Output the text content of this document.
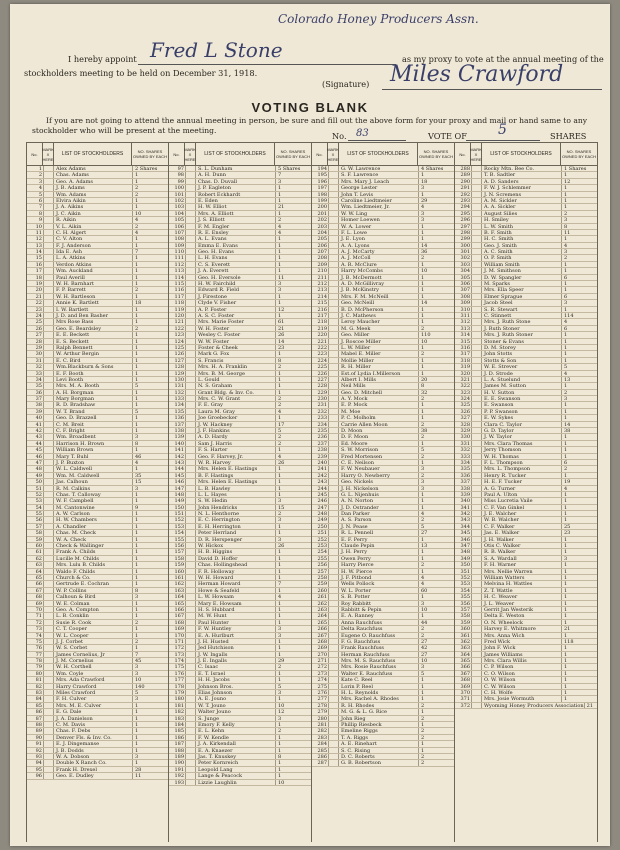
Colorado Honey Producers Assn.
I hereby appoint Fred L Stone	as my proxy to vote at the annual meeting of the
stockholders meeting to be held on December 31, 1918.
(Signature) Miles Crawford
VOTING BLANK
If you are not going to attend the annual meeting in person, be sure and fill out the above form for your proxy and mail or hand same to any stockholder who will be present at the meeting.
No. 83	VOTE OF 5	SHARES
No.
MARK X HERE
LIST OF STOCKHOLDERS	NO. SHARES OWNED BY EACH
1	Alex Adams	2 Shares
2	Chas. Adams	1
3	Geo. A. Adams	1
4	J. B. Adams	2
5	Wm. Adams	2
6	Elvira Aikin	1
7	J. A. Aikins	1
8	J. C. Aikin	10
9	R. Aikin	4
10	V. L. Aikin	2
11	C. H. Algert	4
12	C. V. Alton	1
13	F. J. Anderson	1
14	Ida E. Ash	7
15	L. A. Atkins	1
16	Verdon Atkins	1
17	Wm. Auckland	1
18	Paul Averill	1
19	W. H. Barnhart	1
20	F. P. Barrett	2
21	W. H. Bartleson	1
22	Annie K. Bartlett	18
23	I. W. Bartlett	1
24	J. D. and Ben Basher	1
25	Mrs Rose Bass	1
26	Geo. E. Beardsley	2
27	E. E. Beckett	1
28	E. S. Beckett	1
29	Ralph Bennett	1
30	W. Arthur Bergin	1
31	E. C. Bird	1
32	Wm.Blackburn & Sons	1
33	E. F. Booth	1
34	Levi Booth	1
35	Mrs. M. A. Booth	5
36	A. H. Borgman	1
37	Mary Borgman	1
38	R. D. Bradshaw	1
39	W. T. Brand	5
40	Geo. D. Brazzell	1
41	C. M. Breit	1
42	C. F. Bright	1
43	Wm. Broadbent	3
44	Harrison H. Brown	8
45	William Brown	1
46	Mary T. Buhl	46
47	J. P. Buxton	4
48	W. L. Caldwell	1
49	Wm. M. Caldwell	35
50	Jas. Calhoun	15
51	R. M. Calkins	3
52	Chas. T. Calloway	1
53	W. F. Campbell	1
54	M. Cantonwine	9
55	A. W. Carlson	1
56	H. W. Chambers	1
57	A. Chandler	1
58	Chas. M. Check	1
59	W. A. Check	1
60	Check & Wallinger	1
61	Frank A. Childs	1
62	Lucille M. Childs	1
63	Mrs. Lulu B. Childs	1
64	Waldo F. Childs	1
65	Church & Co.	1
66	Gertrude E. Cochran	1
67	W. P. Collins	8
68	Calhoun & Bird	3
69	W. E. Colman	1
70	Geo. A. Compton	1
71	L. B. Conklin	1
72	Susie R. Cook	2
73	C. T. Cooper	1
74	W. L. Cooper	1
75	J. J. Corbet	2
76	W. S. Corbet	1
77	James Cornelius, Jr	7
78	J. M. Cornelius	45
79	W. H. Corthell	3
80	Wm. Coyle	3
81	Mrs. Ada Crawford	10
82	Harry Crawford	140
83	Miles Crawford	5
84	F. H. Culver	3
85	Mrs. M. E. Culver	1
86	E. G. Dale	1
87	J. A. Danielson	1
88	C. M. Davis	1
89	Chas. F. Debs	1
90	Denver Fls. & Inv. Co.	1
91	E. J. Dingemanse	1
92	J. B. Dodds	1
93	W. A. Dobson	3
94	Double X Ranch Co.	1
95	Frank H. Drexel	28
96	Geo. E. Dudley	11
No.
MARK X HERE
LIST OF STOCKHOLDERS	NO. SHARES OWNED BY EACH
97	S. L. Dunham	5 Shares
98	A. H. Dunn	7
99	Chas. D. Duvall	3
100	J. P. Eagleton	1
101	Robert Eckhardt	1
102	E. Eden	1
103	H. W. Elliot	21
104	Mrs. A. Elliott	1
105	J. S. Elliott	2
106	F. M. Engler	4
107	R. E. Ensley	4
108	A. L. Evans	1
109	Emma E. Evans	1
110	Geo. H. Evans	1
111	L. H. Evans	1
112	C. S. Everett	1
113	J. A. Everett	1
114	Geo. H. Eversole	11
115	H. W. Fairchild	3
116	Edward R. Field	3
117	J. Firestone	1
118	Clyde V. Fisher	1
119	A. P. Foster	12
120	A. S. C. Foster	1
121	Mrs. Marie Foster	61
122	W. H. Foster	21
123	Wesley C. Foster	26
124	W. W. Foster	14
125	Foster & Cheek	23
126	Mark G. Fox	1
127	S. Francis	8
128	Mrs. H. A. Franklin	2
129	Mrs. B. M. George	1
130	L. Gould	1
131	N. S. Graham	1
132	Grant Bldg. & Inv. Co.	1
133	Mrs. C. W. Grant	2
134	F. E. Gray	2
135	Laura M. Gray	4
136	Joe Groebecker	1
137	J. W. Hackney	17
138	J. F. Hankins	5
139	A. D. Hardy	2
140	Sam J. Harris	2
141	F. S. Harter	1
142	Geo. F. Harvey, Jr.	4
143	W. R. Harvey	26
144	Mrs. Helen E. Hastings	1
145	B. F. Hastings	1
146	Mrs. Helen E. Hastings	1
147	L. B. Hawley	1
148	L. L. Hayes	1
149	S. W. Hedin	3
150	John Hendricks	15
151	N. L. Henthorne	2
152	E. C. Herrington	3
153	E. H. Herrington	1
154	Peter Herrland	1
155	D. R. Herspenger	3
156	W. Hickox	26
157	H. B. Higgins	1
158	David D. Hoffer	1
159	Chas. Hollingshead	1
160	F. R. Holloway	1
161	W. H. Howard	1
162	Herman Howard	7
163	Howe & Seafeld	1
164	L. W. Howsam	4
165	Mary E. Howsam	1
166	H. S. Hubbard	1
167	M. W. Hunt	1
168	Paul Hunter	1
169	F. W. Huntley	3
170	E. A. Hurlburt	3
171	J. H. Husted	1
172	Jed Hutchison	1
173	J. W. Ingalls	1
174	J. E. Ingalls	29
175	C. Isaac	2
176	E. T. Israel	1
177	H. H. Jacobs	1
178	Johnson Bros.	5
179	Elias Johnson	3
180	A. E. Jouno	1
181	W. T. Jouno	10
182	Walter Jouno	12
183	S. Junge	3
184	Emory F. Kelly	1
185	E. L. Kehn	2
186	F. W. Kendle	1
187	J. A. Kirkendall	1
188	E. A. Knaezer	1
189	Jas. T. Knuskey	8
190	Peter Kornreich	1
191	Leopold Lang	1
192	Lange & Peacock	1
193	Lizzie Laughlin	10
No.
MARK X HERE
LIST OF STOCKHOLDERS	NO. SHARES OWNED BY EACH
194	G. W. Lawrence	4 Shares
195	S. F. Lawrence	1
196	Mrs. Mary J. Leach	18
197	George Lester	3
198	John T. Levis	1
199	Caroline Liedtmeier	29
200	Wm. Liedtmeier, Jr.	4
201	W. W. Ling	3
202	Homer Loewen	3
203	W. A. Lower	1
204	F. L. Lowe	1
205	J. E. Lyon	1
206	A. A. Lyons	14
207	A. J. McCarty	36
208	A. J. McColl	2
209	A. R. McClure	1
210	Harry McCombs	10
211	J. B. McDermott	1
212	A. D. McGillivray	1
213	J. B. McKinstry	1
214	Mrs. F. M. McNeill	1
215	Geo. McNeill	14
216	B. D. McPherson	1
217	J. C. Mathews	1
218	Leroy Maucher	1
219	M. G. Meek	2
220	Geo. Miller	110
221	J. Roscoe Miller	10
222	L. W. Miller	1
223	Mabel E. Miller	2
224	Mollie Miller	1
225	R. H. Miller	1
226	Est.of Lydia I.Millerson	1
227	Albert I. Mills	20
228	Neil Mills	8
229	Geo. D. Mitchell	32
230	A. Y. Mock	2
231	E. P. Mock	1
232	M. Moe	1
233	P. C. Molholm	1
234	Carrie Allen Moon	2
235	D. Moon	38
236	D. F. Moon	2
237	Ed. Moore	1
238	S. W. Morrison	5
239	Fred Mortensen	2
240	C. E. Neilson	1
241	F. W. Neubauer	3
242	Harry O. Newberry	2
243	Geo. Nickels	3
244	J. H. Nickelson	3
245	G. L. Nijenhuis	1
246	A. N. Norton	1
247	J. D. Ostrander	1
248	Dan Parker	4
249	A. S. Parson	2
250	J. N. Pease	5
251	R. L. Pennell	27
252	E. F. Perry	1
253	Claude Pepin	13
254	J. H. Perry	1
255	Owen Perry	1
256	Harry Pierce	2
257	H. W. Pierce	1
258	J. F. Pitbond	4
259	Wells Pollock	4
260	W. L. Porter	60
261	S. B. Potter	1
262	Roy Rabbitt	3
263	Rabbitt & Pepin	10
264	E. A. Ranney	1
265	Anna Rauchfuss	44
266	Delta Rauchfuss	2
267	Eugene O. Rauchfuss	2
268	F. G. Rauchfuss	27
269	Frank Rauchfuss	42
270	Herman Rauchfuss	27
271	Mrs. M. S. Rauchfuss	10
272	Mrs. Rosie Rauchfuss	3
273	Walter E. Rauchfuss	5
274	Kate C. Reel	1
275	Lorin P. Reel	1
276	H. L. Reynolds	1
277	Mrs. Rachel A. Rhodes	1
278	R. H. Rhodes	2
279	M. G. & L. G. Rice	1
280	John Rieg	2
281	Phillip Riesbeck	1
282	Emeline Riggs	2
283	T. A. Riggs	2
284	A. E. Rinehart	1
285	S. C. Rising	1
286	D. C. Roberts	2
287	G. B. Robertson	2
No.
MARK X HERE
LIST OF STOCKHOLDERS	NO. SHARES OWNED BY EACH
288	Rocky Mtn. Bee Co.	1 Shares
289	T. B. Sadtler	1
290	A. D. Sanders	12
291	F. W. J. Schlemmer	1
292	J. N. Scremens	1
293	A. M. Sickler	1
294	A. A. Sickler	1
295	August Silies	2
296	H. Smiley	3
297	L. W. Smith	8
298	B. F. Smith	11
299	H. C. Smith	1
300	Geo. J. Smith	4
301	A. C. Smith	3
302	O. P. Smith	2
303	William Smith	1
304	J. M. Smithson	1
305	D. W. Spangler	6
306	M. Sparks	1
307	Mrs. Ella Speer	1
308	Elmer Sprague	6
309	Jacob Steel	3
310	S. R. Stewart	1
311	C. Stinnett	114
312	Mrs. J. Ruth Stone	4
313	J. Ruth Stoner	6
314	Mrs. J. Ruth Stoner	1
315	Stoner & Evans	1
316	D. M. Storey	1
317	John Stotts	1
318	Stotts & Son	1
319	W. E. Strever	5
320	J. D. Strode	4
321	L. A. Stuelund	13
322	James M. Sutton	1
323	H. V. Sutton	2
324	E. E. Swanson	3
325	E. Swanson	1
326	P. P. Swanson	1
327	E. W. Sykes	1
328	Clara C. Taylor	14
329	G. D. Taylor	38
330	J. W. Taylor	1
331	Mrs. Clara Thomas	1
332	Jerry Thomson	1
333	W. H. Thomas	1
334	F. L. Thompson	6
335	Mrs. L. Thompson	2
336	Henry R. Tucker	1
337	H. E. F. Tucker	19
338	A. G. Turner	4
339	Paul A. Ulton	1
340	Miss Lucretia Vaile	1
341	C. F. Van Ginkel	1
342	J. E. Walcher	1
343	W. B. Walcher	1
344	C. F. Walker	25
345	Jas. E. Walker	23
346	J. H. Walker	1
347	Otis C. Walker	1
348	R. B. Walker	1
349	S. A. Wardall	3
350	F. H. Warner	1
351	Mrs. Nellie Warren	1
352	William Watters	1
353	Melvina H. Wattles	1
354	Z. T. Wattle	1
355	H. C. Weaver	1
356	J. L. Weaver	1
357	Gerrit Jan Westerik	1
358	Delta E. Weston	1
359	O. N. Wheelock	1
360	Harvey E. Whitmore	21
361	Mrs. Anna Wich	1
362	Fred Wick	118
363	John F. Wick	1
364	James Williams	1
365	Mrs. Clara Willis	1
366	C. P. Wilson	1
367	C. O. Wilson	1
368	O. W. Wilson	1
369	C. W. Wilson	1
370	C. H. Wolfe	1
371	Mrs. Josie Wormuth	1
372	Wyoming Honey Producers Association 21
